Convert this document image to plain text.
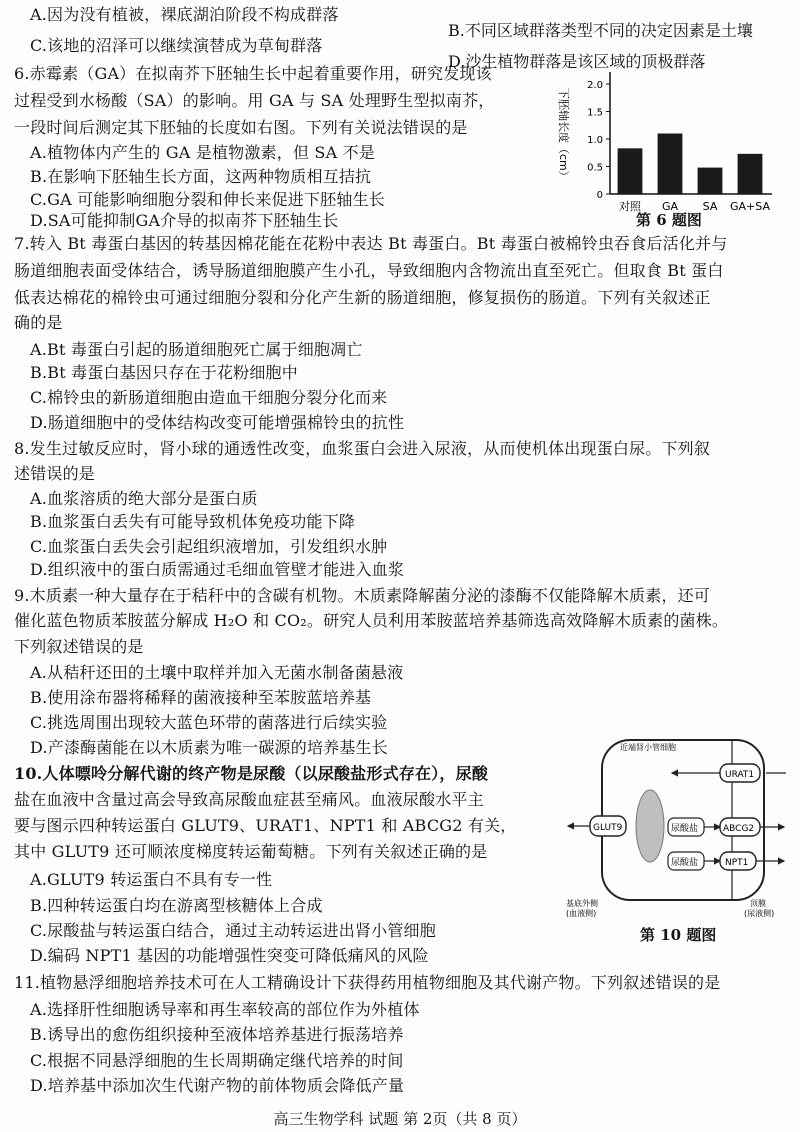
A.因为没有植被，裸底湖泊阶段不构成群落

B.不同区域群落类型不同的决定因素是土壤

C.该地的沼泽可以继续演替成为草甸群落

D.沙生植物群落是该区域的顶极群落

6.赤霉素（GA）在拟南芥下胚轴生长中起着重要作用，研究发现该

过程受到水杨酸（SA）的影响。用 GA 与 SA 处理野生型拟南芥，

一段时间后测定其下胚轴的长度如右图。下列有关说法错误的是

A.植物体内产生的 GA 是植物激素，但 SA 不是

B.在影响下胚轴生长方面，这两种物质相互拮抗

C.GA 可能影响细胞分裂和伸长来促进下胚轴生长

D.SA可能抑制GA介导的拟南芥下胚轴生长

下胚轴长度（cm）
0
0.5
1.0
1.5
2.0
对照 GA SA GA+SA
第 6 题图

7.转入 Bt 毒蛋白基因的转基因棉花能在花粉中表达 Bt 毒蛋白。Bt 毒蛋白被棉铃虫吞食后活化并与

肠道细胞表面受体结合，诱导肠道细胞膜产生小孔，导致细胞内含物流出直至死亡。但取食 Bt 蛋白

低表达棉花的棉铃虫可通过细胞分裂和分化产生新的肠道细胞，修复损伤的肠道。下列有关叙述正

确的是

A.Bt 毒蛋白引起的肠道细胞死亡属于细胞凋亡

B.Bt 毒蛋白基因只存在于花粉细胞中

C.棉铃虫的新肠道细胞由造血干细胞分裂分化而来

D.肠道细胞中的受体结构改变可能增强棉铃虫的抗性

8.发生过敏反应时，肾小球的通透性改变，血浆蛋白会进入尿液，从而使机体出现蛋白尿。下列叙

述错误的是

A.血浆溶质的绝大部分是蛋白质

B.血浆蛋白丢失有可能导致机体免疫功能下降

C.血浆蛋白丢失会引起组织液增加，引发组织水肿

D.组织液中的蛋白质需通过毛细血管壁才能进入血浆

9.木质素一种大量存在于秸秆中的含碳有机物。木质素降解菌分泌的漆酶不仅能降解木质素，还可

催化蓝色物质苯胺蓝分解成 H₂O 和 CO₂。研究人员利用苯胺蓝培养基筛选高效降解木质素的菌株。

下列叙述错误的是

A.从秸秆还田的土壤中取样并加入无菌水制备菌悬液

B.使用涂布器将稀释的菌液接种至苯胺蓝培养基

C.挑选周围出现较大蓝色环带的菌落进行后续实验

D.产漆酶菌能在以木质素为唯一碳源的培养基生长	近端肾小管细胞
URAT1
GLUT9	尿酸盐	ABCG2
尿酸盐	NPT1
基底外侧
(血液侧)
顶膜
(尿液侧)
第 10 题图

10.人体嘌呤分解代谢的终产物是尿酸（以尿酸盐形式存在），尿酸

盐在血液中含量过高会导致高尿酸血症甚至痛风。血液尿酸水平主

要与图示四种转运蛋白 GLUT9、URAT1、NPT1 和 ABCG2 有关，

其中 GLUT9 还可顺浓度梯度转运葡萄糖。下列有关叙述正确的是

A.GLUT9 转运蛋白不具有专一性

B.四种转运蛋白均在游离型核糖体上合成

C.尿酸盐与转运蛋白结合，通过主动转运进出肾小管细胞

D.编码 NPT1 基因的功能增强性突变可降低痛风的风险

11.植物悬浮细胞培养技术可在人工精确设计下获得药用植物细胞及其代谢产物。下列叙述错误的是

A.选择肝性细胞诱导率和再生率较高的部位作为外植体

B.诱导出的愈伤组织接种至液体培养基进行振荡培养

C.根据不同悬浮细胞的生长周期确定继代培养的时间

D.培养基中添加次生代谢产物的前体物质会降低产量

高三生物学科 试题 第 2页（共 8 页）
